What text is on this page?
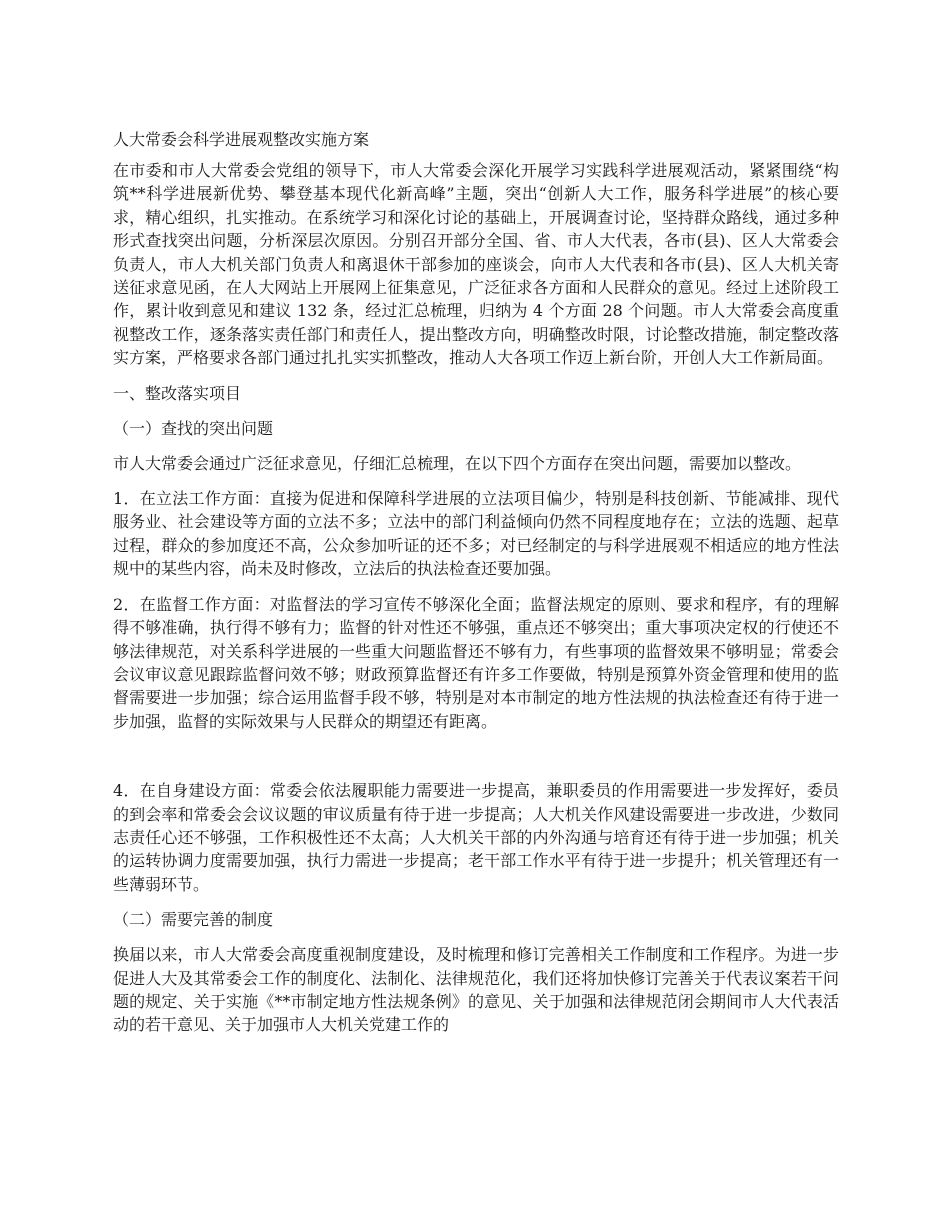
人大常委会科学进展观整改实施方案

在市委和市人大常委会党组的领导下，市人大常委会深化开展学习实践科学进展观活动，紧紧围绕“构筑**科学进展新优势、攀登基本现代化新高峰”主题，突出“创新人大工作，服务科学进展”的核心要求，精心组织，扎实推动。在系统学习和深化讨论的基础上，开展调查讨论，坚持群众路线，通过多种形式查找突出问题，分析深层次原因。分别召开部分全国、省、市人大代表，各市(县)、区人大常委会负责人，市人大机关部门负责人和离退休干部参加的座谈会，向市人大代表和各市(县)、区人大机关寄送征求意见函，在人大网站上开展网上征集意见，广泛征求各方面和人民群众的意见。经过上述阶段工作，累计收到意见和建议 132 条，经过汇总梳理，归纳为 4 个方面 28 个问题。市人大常委会高度重视整改工作，逐条落实责任部门和责任人，提出整改方向，明确整改时限，讨论整改措施，制定整改落实方案，严格要求各部门通过扎扎实实抓整改，推动人大各项工作迈上新台阶，开创人大工作新局面。

一、整改落实项目
（一）查找的突出问题

市人大常委会通过广泛征求意见，仔细汇总梳理，在以下四个方面存在突出问题，需要加以整改。

1．在立法工作方面：直接为促进和保障科学进展的立法项目偏少，特别是科技创新、节能减排、现代服务业、社会建设等方面的立法不多；立法中的部门利益倾向仍然不同程度地存在；立法的选题、起草过程，群众的参加度还不高，公众参加听证的还不多；对已经制定的与科学进展观不相适应的地方性法规中的某些内容，尚未及时修改，立法后的执法检查还要加强。

2．在监督工作方面：对监督法的学习宣传不够深化全面；监督法规定的原则、要求和程序，有的理解得不够准确，执行得不够有力；监督的针对性还不够强，重点还不够突出；重大事项决定权的行使还不够法律规范，对关系科学进展的一些重大问题监督还不够有力，有些事项的监督效果不够明显；常委会会议审议意见跟踪监督问效不够；财政预算监督还有许多工作要做，特别是预算外资金管理和使用的监督需要进一步加强；综合运用监督手段不够，特别是对本市制定的地方性法规的执法检查还有待于进一步加强，监督的实际效果与人民群众的期望还有距离。

4．在自身建设方面：常委会依法履职能力需要进一步提高，兼职委员的作用需要进一步发挥好，委员的到会率和常委会会议议题的审议质量有待于进一步提高；人大机关作风建设需要进一步改进，少数同志责任心还不够强，工作积极性还不太高；人大机关干部的内外沟通与培育还有待于进一步加强；机关的运转协调力度需要加强，执行力需进一步提高；老干部工作水平有待于进一步提升；机关管理还有一些薄弱环节。

（二）需要完善的制度

换届以来，市人大常委会高度重视制度建设，及时梳理和修订完善相关工作制度和工作程序。为进一步促进人大及其常委会工作的制度化、法制化、法律规范化，我们还将加快修订完善关于代表议案若干问题的规定、关于实施《**市制定地方性法规条例》的意见、关于加强和法律规范闭会期间市人大代表活动的若干意见、关于加强市人大机关党建工作的
